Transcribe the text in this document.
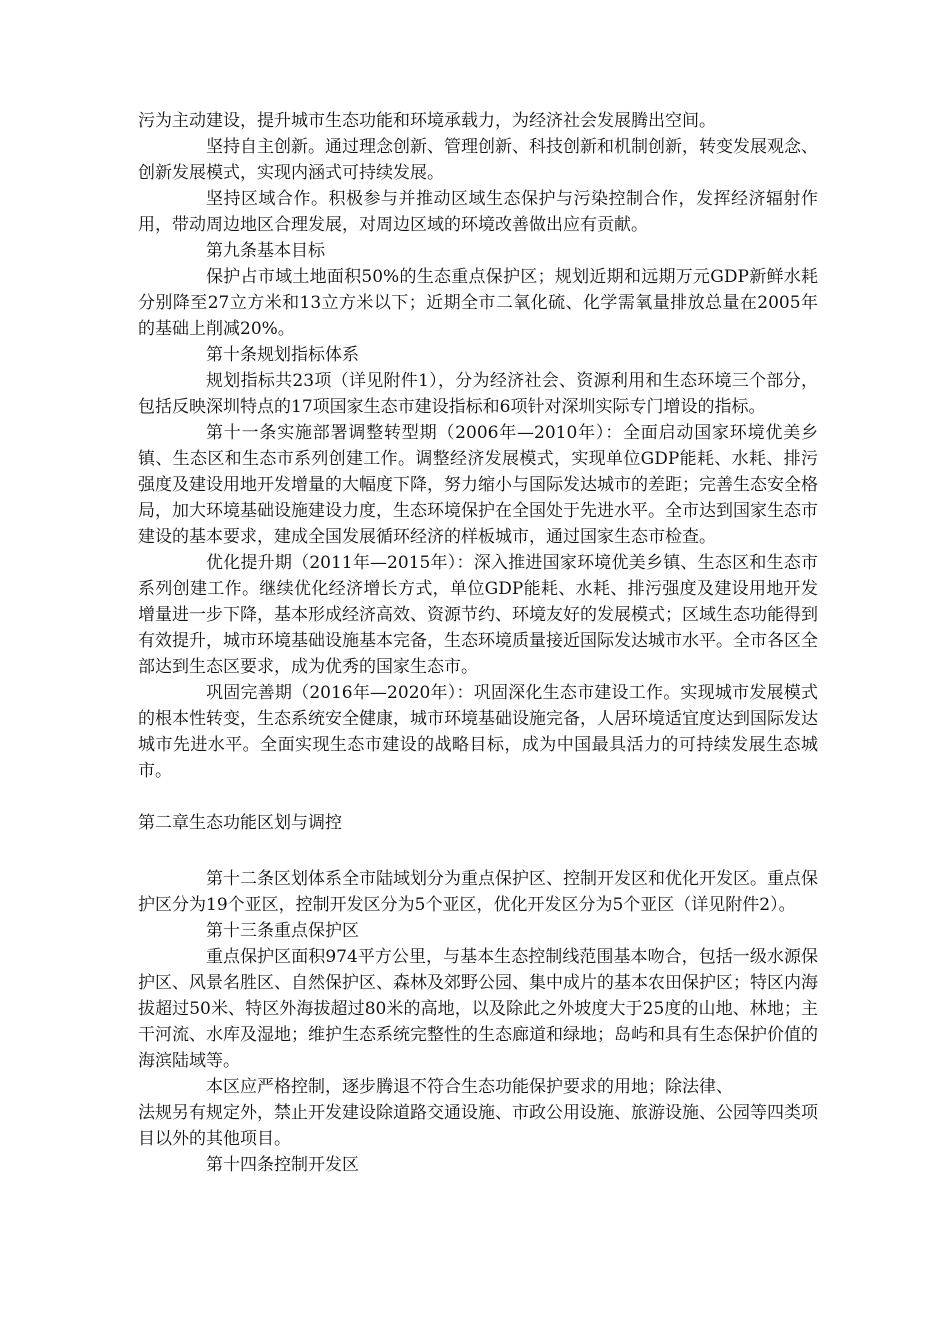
污为主动建设，提升城市生态功能和环境承载力，为经济社会发展腾出空间。

坚持自主创新。通过理念创新、管理创新、科技创新和机制创新，转变发展观念、创新发展模式，实现内涵式可持续发展。

坚持区域合作。积极参与并推动区域生态保护与污染控制合作，发挥经济辐射作用，带动周边地区合理发展，对周边区域的环境改善做出应有贡献。

第九条基本目标

保护占市域土地面积50%的生态重点保护区；规划近期和远期万元GDP新鲜水耗分别降至27立方米和13立方米以下；近期全市二氧化硫、化学需氧量排放总量在2005年的基础上削减20%。

第十条规划指标体系

规划指标共23项（详见附件1），分为经济社会、资源利用和生态环境三个部分，包括反映深圳特点的17项国家生态市建设指标和6项针对深圳实际专门增设的指标。

第十一条实施部署调整转型期（2006年—2010年）：全面启动国家环境优美乡镇、生态区和生态市系列创建工作。调整经济发展模式，实现单位GDP能耗、水耗、排污强度及建设用地开发增量的大幅度下降，努力缩小与国际发达城市的差距；完善生态安全格局，加大环境基础设施建设力度，生态环境保护在全国处于先进水平。全市达到国家生态市建设的基本要求，建成全国发展循环经济的样板城市，通过国家生态市检查。

优化提升期（2011年—2015年）：深入推进国家环境优美乡镇、生态区和生态市系列创建工作。继续优化经济增长方式，单位GDP能耗、水耗、排污强度及建设用地开发增量进一步下降，基本形成经济高效、资源节约、环境友好的发展模式；区域生态功能得到有效提升，城市环境基础设施基本完备，生态环境质量接近国际发达城市水平。全市各区全部达到生态区要求，成为优秀的国家生态市。

巩固完善期（2016年—2020年）：巩固深化生态市建设工作。实现城市发展模式的根本性转变，生态系统安全健康，城市环境基础设施完备，人居环境适宜度达到国际发达城市先进水平。全面实现生态市建设的战略目标，成为中国最具活力的可持续发展生态城市。

第二章生态功能区划与调控

第十二条区划体系全市陆域划分为重点保护区、控制开发区和优化开发区。重点保护区分为19个亚区，控制开发区分为5个亚区，优化开发区分为5个亚区（详见附件2）。

第十三条重点保护区

重点保护区面积974平方公里，与基本生态控制线范围基本吻合，包括一级水源保护区、风景名胜区、自然保护区、森林及郊野公园、集中成片的基本农田保护区；特区内海拔超过50米、特区外海拔超过80米的高地，以及除此之外坡度大于25度的山地、林地；主干河流、水库及湿地；维护生态系统完整性的生态廊道和绿地；岛屿和具有生态保护价值的海滨陆域等。

本区应严格控制，逐步腾退不符合生态功能保护要求的用地；除法律、

法规另有规定外，禁止开发建设除道路交通设施、市政公用设施、旅游设施、公园等四类项目以外的其他项目。

第十四条控制开发区
